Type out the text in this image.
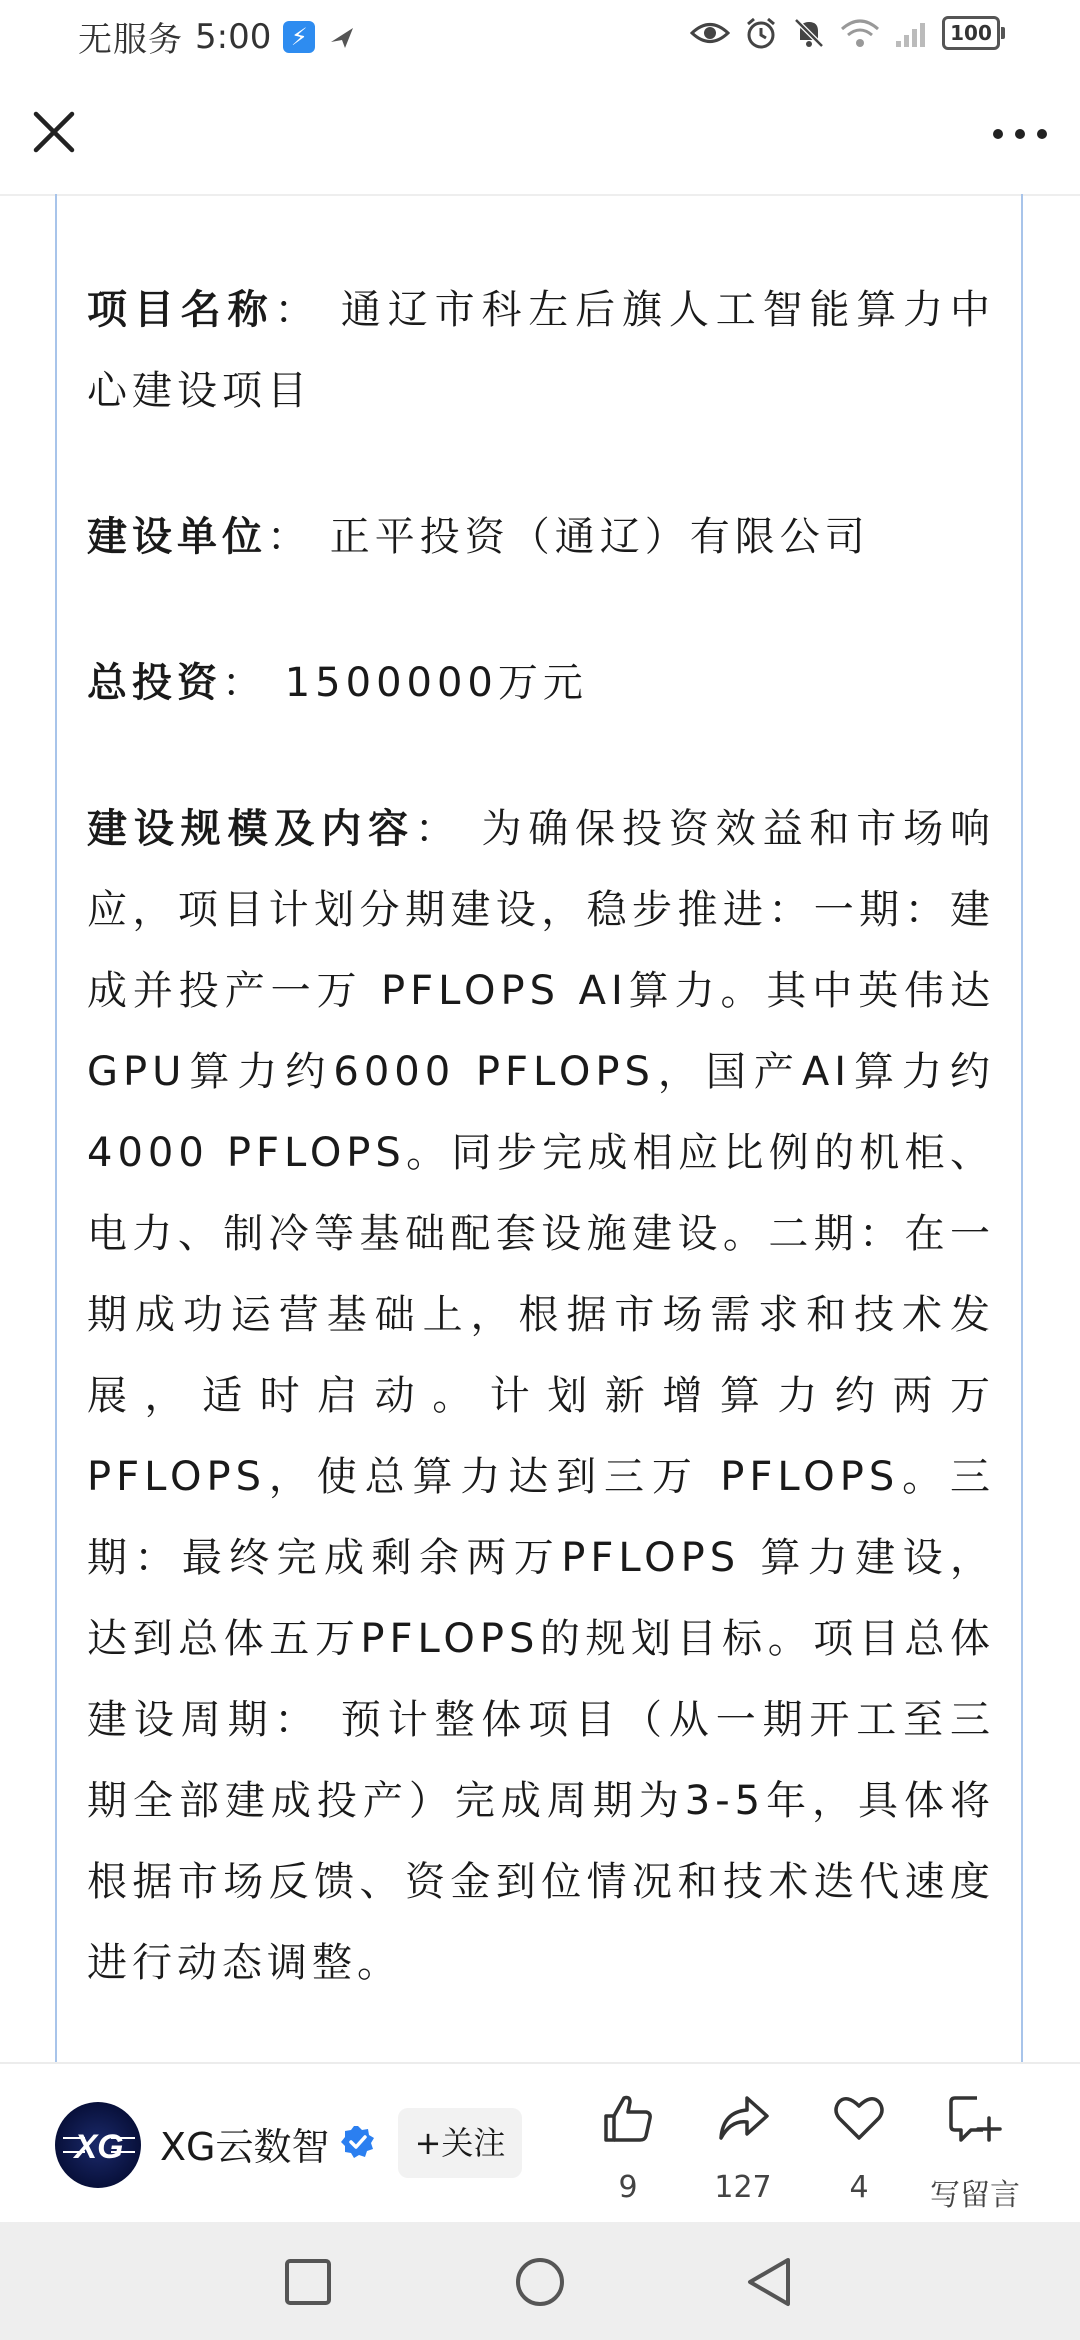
无服务 5:00 ⚡	100

项目名称： 通辽市科左后旗人工智能算力中心建设项目

建设单位： 正平投资（通辽）有限公司

总投资： 1500000万元

建设规模及内容： 为确保投资效益和市场响应，项目计划分期建设，稳步推进：一期：建成并投产一万 PFLOPS AI算力。其中英伟达GPU算力约6000 PFLOPS，国产AI算力约4000 PFLOPS。同步完成相应比例的机柜、电力、制冷等基础配套设施建设。二期：在一期成功运营基础上，根据市场需求和技术发展，适时启动。计划新增算力约两万 PFLOPS，使总算力达到三万 PFLOPS。三期：最终完成剩余两万PFLOPS 算力建设，达到总体五万PFLOPS的规划目标。项目总体建设周期： 预计整体项目（从一期开工至三期全部建成投产）完成周期为3-5年，具体将根据市场反馈、资金到位情况和技术迭代速度进行动态调整。

XG XG云数智	+关注
9	127	4	写留言
